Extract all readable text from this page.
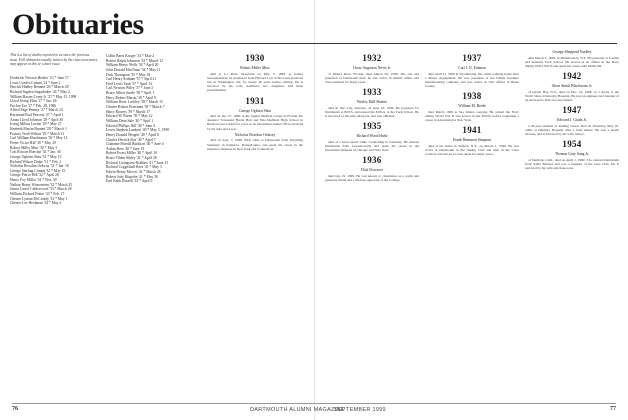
Obituaries
This is a list of deaths reported to us since the previous issue. Full obituaries usually written by the class secretaries, may appear in this or a later issue.
Frederick Newton Heisler '23 * June 17
Louis Cowles Conant '24 * June 2
Herrick Hadley Bennett '26 * March 28
Richard Sugden Sugarbaker '26 * May 2
William Baxter Crane Jr. '27 * May 15, 1998
Lloyd Irving Elias '27 * Jan. 26
Pai Jen Tao '27 * Feb. 28, 1996
Alfred Page Penney '27 * March 23
Raymond Paul Peuvost '27 * April 1
Arnzo Lloyd Johnson '29 * April 30
Irving Milton Lavine '29 * May 27
Kenneth Martin Burnett '29 * March 1
Francis Verdi Wilson '29 * March 31
Carl William Hutchinson '30 * May 13
Pierre Victor Hill '30 * May 29
Robert Miller Murr '30 * May 5
Coit Roscoe Hoechst '31 * Jan. 30
George Ogburn Shea '31 * May 13
Richard Wilson Drake '31 * Feb. 2
Nicholas Bowdon Ordway '31 * Jan. 18
George Sterling Conant '32 * May 19
George Pierce Hill '32 * April 28
Henry Foy Millot '32 * Nov. 30
Nathan Henry Wisnomsen '32 * March 25
James Carrol Calderwood '33 * March 28
William Pickard Fisher '33 * Feb. 27
Chester Lyman McCready '33 * May 1
Chester Lee Heckman '34 * May 2
Collin Bates Kroger '34 * May 2
Robert Ralph Johnston '34 * March 12
William Henry Wells '34 * April 20
John Donald MacNaun '34 * May 11
Dick Thompson '35 * May 19
Carl Henry Erdman '37 * April 21
Fred Lewis Taub '37 * April 13
Carl Newton Wiley '37 * June 2
Bruce Albert Steele '38 * April 1
Harry Robert Martin '38 * April 9
William Bone Lockley '38 * March 15
Charles Robert Peterman '38 * March 7
Harry Bowers '39 * March 17
Edward W. Burns '39 * May 12
William Dean Sale '40 * April 1
Edward Phillips Nill '40 * June 4
Lewis Stephen Lambert '40 * May 5, 1998
Henry Donald Weigert '40 * April 8
Charles Herrick Roe '40 * April 7
Grahame Morrill Burkhart '40 * June 4
Arthur Ross '40 * June 19
Robert Ewert Miller '40 * April 10
Bruce Tilden Sibley '41 * April 28
Richard Livingston Robbins '41 * June 15
Richard Coggeshall Rees '41 * May 3
Edwin Henry Mercer '41 * March 28
Robert Jody Hogrebe '41 * May 30
Earl Keith Russell '42 * April 9
1930
Robert Miller Murr
died at La Plata, Maryland on May 5, 1999. A former newspaperman, he graduated from Harvard Law School and practiced law in Washington, DC for nearly 40 years before retiring. He is survived by his wife, Kathleen, two daughters and three grandchildren.
1931
George Ogburn Shea
died on Jan. 27, 1999, at the Jupiter Medical Center in Florida. He attended Townsend Harris Hall and Yale-Sheffield High School in Hartford and worked for years as an investment banker. He is survived by his wife and a son.
Nicholas Bowdon Ordway
died on Sept. 7, 1998. Nick came to Dartmouth from Wyoming Seminary in Kingston, Pennsylvania, and spent his career in the insurance business in New York and Connecticut.
1932
Oscar Augustus Nevis Jr.
of Mount Dora, Florida, died March 26, 1999. The son and grandson of Dartmouth men, he was active in alumni affairs and class reunions for many years.
1933
Wesley Hall Beattie
died in Sun City, Arizona, on June 16, 1999. He prepared for Dartmouth at B.H.S. and earned his M.B.A. at the Tuck School. He is survived by his wife, Marjorie, and four children.
1935
Richard Wood Hube
died of a heart attack while vacationing in Germany. He entered Dartmouth from Lawrenceville and spent his career in the investment business in Chicago and New York.
1936
Dick Dowsoer
died Jan. 19, 1999. He was known to classmates as a warm and generous friend and a lifelong supporter of the College.
1937
Carl L.N. Erdman
died April 21, 1999 in Wyomissing, PA, while walking home after a dinner engagement. He was president of the family furniture manufacturing company and was active in civic affairs in Berks County.
1938
William M. Brede
died March 1999 at Sea Island, Georgia. He joined the Navy during World War II and served in the Pacific before beginning a career in advertising in New York.
1941
Frank Hammon Simpson
died at his home in Suffern, N.Y., on March 1, 1999. He was active at Dartmouth in the Outing Club and later in the Class Council, and served as class agent for many years.
George Sheppard Yardley
died March 5, 1999, in Mamaroneck, N.Y. He prepared at Loomis and attended Tuck School. He served as an officer in the Navy during World War II and spent his career with Mobil Oil.
1942
Alton Smith Blackstone Jr.
of Oyster Bay, N.Y., died on Dec. 16, 1998, of a stroke at the North Shore University Hospital. He was an engineer and founder of an electronics firm on Long Island.
1947
Edward J. Guida Jr.
a 26-year resident of Rolling Green, died on Thursday, May 20, 1999, at Danbury Hospital after a brief illness. He was a patent attorney and is survived by his wife, Nancy.
1954
Thomas Gray Sung Jr.
of Vermont, Calif., died on April 1, 1999. T.G. entered Dartmouth from Santa Barbara and was a member of the Glee Club. He is survived by his wife and three sons.
76	DARTMOUTH ALUMNI MAGAZINE
SEPTEMBER 1999	77
